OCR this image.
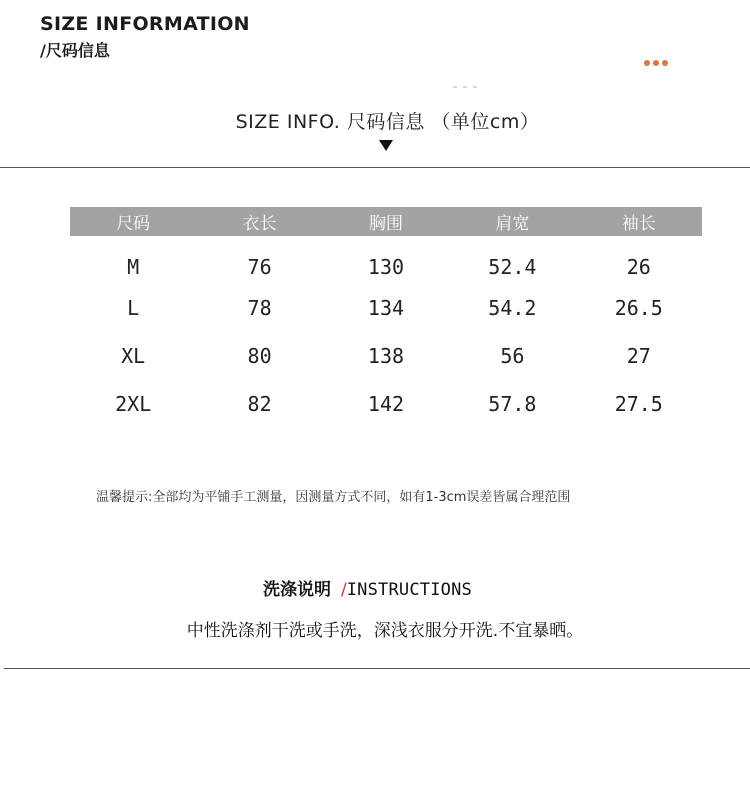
SIZE INFORMATION
/尺码信息
SIZE INFO. 尺码信息 （单位cm）
尺码	衣长	胸围	肩宽	袖长
M	76	130	52.4	26
L	78	134	54.2	26.5
XL	80	138	56	27
2XL	82	142	57.8	27.5
温馨提示:全部均为平铺手工测量，因测量方式不同，如有1-3cm误差皆属合理范围
洗涤说明 /INSTRUCTIONS
中性洗涤剂干洗或手洗，深浅衣服分开洗.不宜暴晒。
